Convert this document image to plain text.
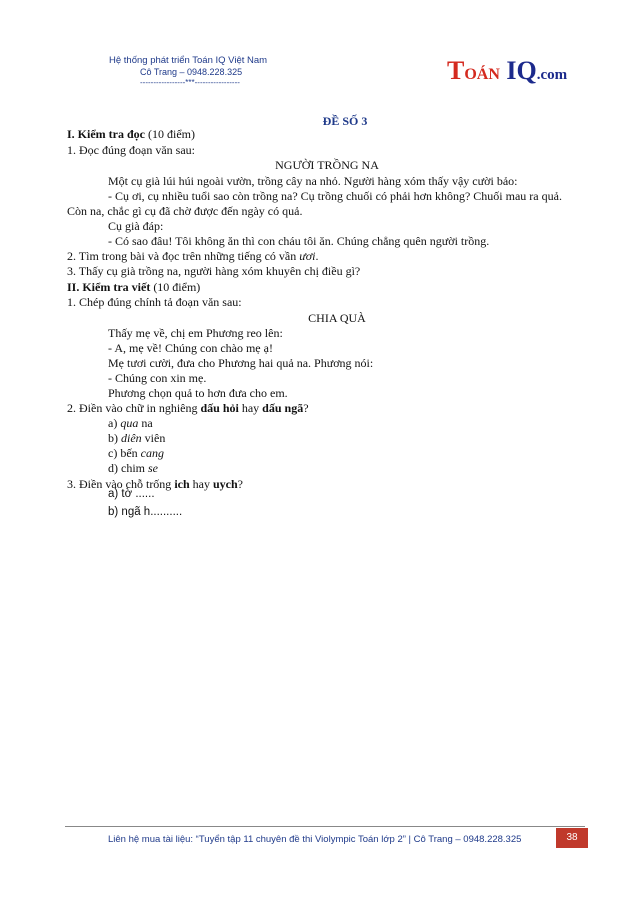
Hệ thống phát triển Toán IQ Việt Nam
Cô Trang – 0948.228.325
-----------------***-----------------	TOÁN IQ.com
ĐỀ SỐ 3
I. Kiểm tra đọc (10 điểm)
1. Đọc đúng đoạn văn sau:
NGƯỜI TRỒNG NA
Một cụ già lúi húi ngoài vườn, trồng cây na nhỏ. Người hàng xóm thấy vậy cười bảo:
- Cụ ơi, cụ nhiều tuổi sao còn trồng na? Cụ trồng chuối có phải hơn không? Chuối mau ra quả.
Còn na, chắc gì cụ đã chờ được đến ngày có quả.
Cụ già đáp:
- Có sao đâu! Tôi không ăn thì con cháu tôi ăn. Chúng chẳng quên người trồng.
2. Tìm trong bài và đọc trên những tiếng có vần ươi.
3. Thấy cụ già trồng na, người hàng xóm khuyên chị điều gì?
II. Kiểm tra viết (10 điểm)
1. Chép đúng chính tả đoạn văn sau:
CHIA QUÀ
Thấy mẹ về, chị em Phương reo lên:
- A, mẹ về! Chúng con chào mẹ ạ!
Mẹ tươi cười, đưa cho Phương hai quả na. Phương nói:
- Chúng con xin mẹ.
Phương chọn quả to hơn đưa cho em.
2. Điền vào chữ in nghiêng dấu hỏi hay dấu ngã?
a) qua na
b) diên viên
c) bến cang
d) chim se
3. Điền vào chỗ trống ich hay uych?
a) tờ ......
b) ngã h..........
Liên hệ mua tài liệu: “Tuyển tập 11 chuyên đề thi Violympic Toán lớp 2” | Cô Trang – 0948.228.325	38
